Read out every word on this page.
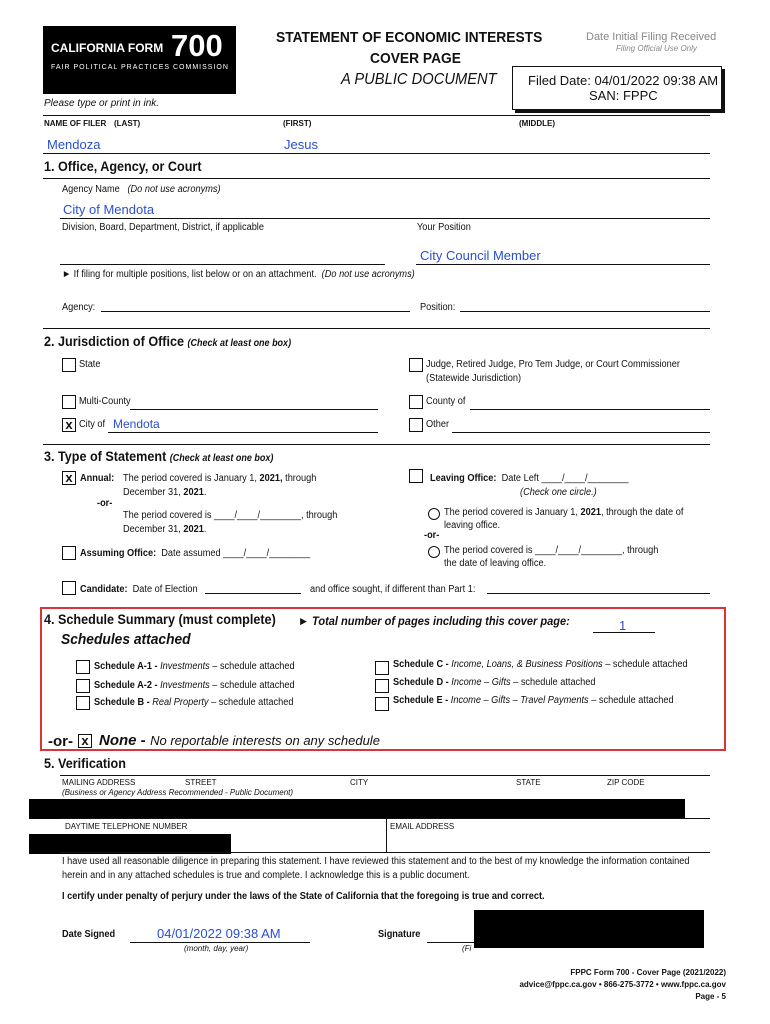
CALIFORNIA FORM 700
FAIR POLITICAL PRACTICES COMMISSION
STATEMENT OF ECONOMIC INTERESTS
COVER PAGE
A PUBLIC DOCUMENT
Date Initial Filing Received
Filing Official Use Only
Filed Date: 04/01/2022 09:38 AM
SAN: FPPC
Please type or print in ink.
NAME OF FILER (LAST)	(FIRST)	(MIDDLE)
Mendoza	Jesus
1. Office, Agency, or Court
Agency Name (Do not use acronyms)
City of Mendota
Division, Board, Department, District, if applicable	Your Position
City Council Member
► If filing for multiple positions, list below or on an attachment. (Do not use acronyms)
Agency:	Position:
2. Jurisdiction of Office (Check at least one box)
State	Judge, Retired Judge, Pro Tem Judge, or Court Commissioner
(Statewide Jurisdiction)
Multi-County	County of
x City of Mendota	Other
3. Type of Statement (Check at least one box)
x Annual: The period covered is January 1, 2021, through
December 31, 2021.
-or-
The period covered is ____/____/________, through
December 31, 2021.
Assuming Office: Date assumed ____/____/________
Leaving Office: Date Left ____/____/________
(Check one circle.)
The period covered is January 1, 2021, through the date of
leaving office.
-or-
The period covered is ____/____/________, through
the date of leaving office.
Candidate: Date of Election	and office sought, if different than Part 1:
4. Schedule Summary (must complete) ► Total number of pages including this cover page:	1
Schedules attached
Schedule A-1 - Investments – schedule attached
Schedule A-2 - Investments – schedule attached
Schedule B - Real Property – schedule attached
Schedule C - Income, Loans, & Business Positions – schedule attached
Schedule D - Income – Gifts – schedule attached
Schedule E - Income – Gifts – Travel Payments – schedule attached
-or- x None - No reportable interests on any schedule
5. Verification
MAILING ADDRESS	STREET	CITY	STATE	ZIP CODE
(Business or Agency Address Recommended - Public Document)
DAYTIME TELEPHONE NUMBER	EMAIL ADDRESS
I have used all reasonable diligence in preparing this statement. I have reviewed this statement and to the best of my knowledge the information contained
herein and in any attached schedules is true and complete. I acknowledge this is a public document.
I certify under penalty of perjury under the laws of the State of California that the foregoing is true and correct.
Date Signed	04/01/2022 09:38 AM
(month, day, year)
Signature
(Fi
FPPC Form 700 - Cover Page (2021/2022)
advice@fppc.ca.gov • 866-275-3772 • www.fppc.ca.gov
Page - 5
